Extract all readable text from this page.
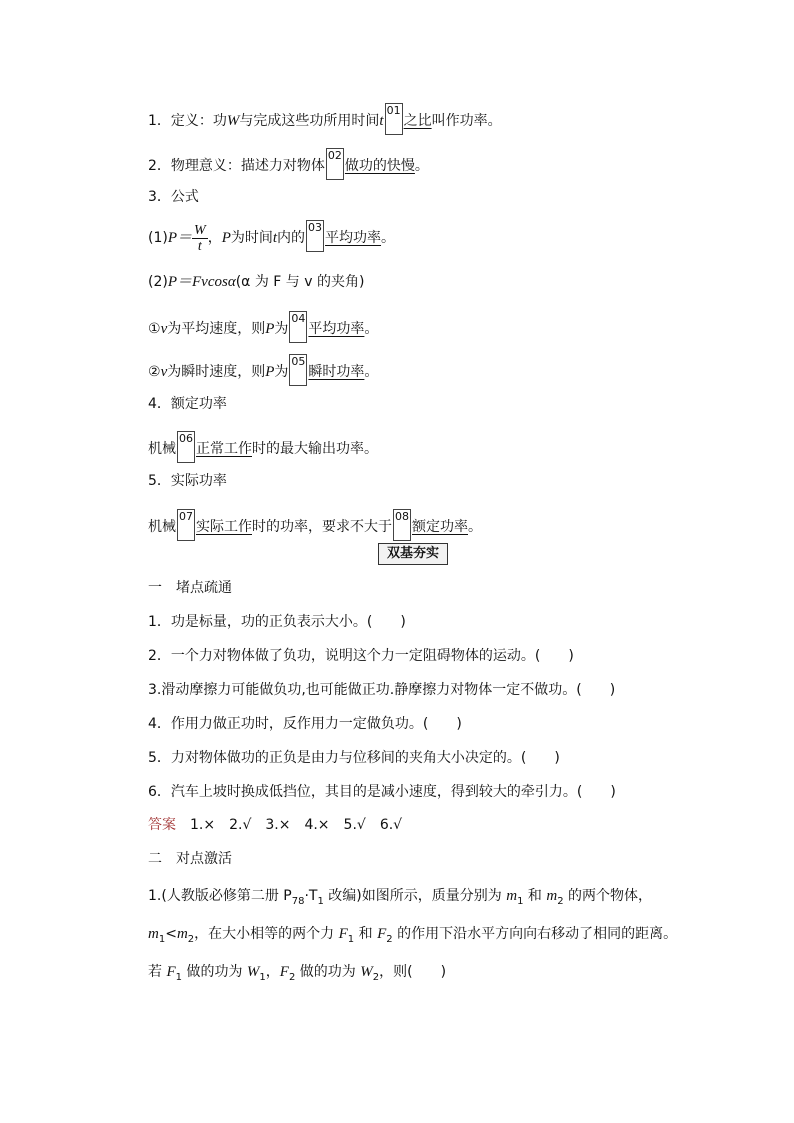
1．定义：功W与完成这些功所用时间t
01
之比叫作功率。
2．物理意义：描述力对物体
02
做功的快慢。
3．公式
$(1)P= \frac{W}{t}$ ，P为时间t内的
03
平均功率。
(2)P＝Fvcosα(α 为 F 与 v 的夹角)
①v为平均速度，则P为
04
平均功率。
②v为瞬时速度，则P为
05
瞬时功率。
4．额定功率
机械
06
正常工作时的最大输出功率。
5．实际功率
机械
07
实际工作时的功率，要求不大于
08
额定功率。
双基夯实
一　堵点疏通
1．功是标量，功的正负表示大小。(　　)
2．一个力对物体做了负功，说明这个力一定阻碍物体的运动。(　　)
3.滑动摩擦力可能做负功,也可能做正功.静摩擦力对物体一定不做功。(　　)
4．作用力做正功时，反作用力一定做负功。(　　)
5．力对物体做功的正负是由力与位移间的夹角大小决定的。(　　)
6．汽车上坡时换成低挡位，其目的是减小速度，得到较大的牵引力。(　　)
答案　 1.×　2.√　3.×　4.×　5.√　6.√
二　对点激活
1.(人教版必修第二册 $P_{78}\cdot T_1$ 改编)如图所示，质量分别为 $m_1$ 和 $m_2$ 的两个物体，$m_1<m_2$，在大小相等的两个力 $F_1$ 和 $F_2$ 的作用下沿水平方向向右移动了相同的距离。若 $F_1$ 做的功为 $W_1$，$F_2$ 做的功为 $W_2$，则(　　)
